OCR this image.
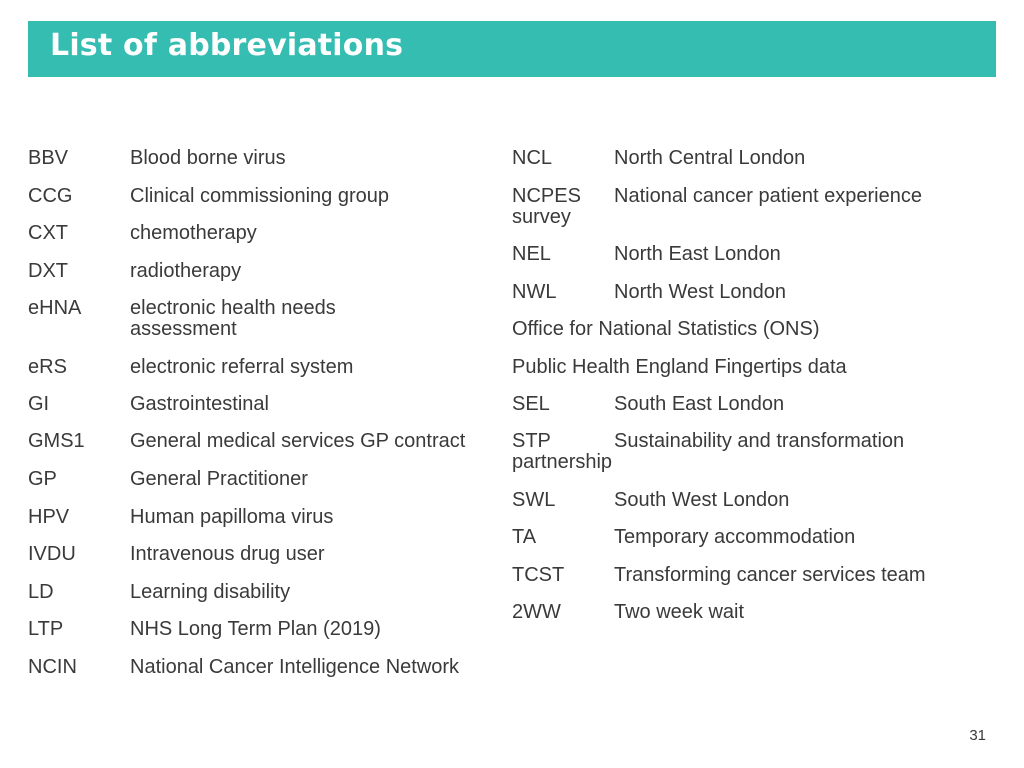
List of abbreviations
BBV	Blood borne virus
CCG	Clinical commissioning group
CXT	chemotherapy
DXT	radiotherapy
eHNA	electronic health needs assessment
eRS	electronic referral system
GI	Gastrointestinal
GMS1	General medical services GP contract
GP	General Practitioner
HPV	Human papilloma virus
IVDU	Intravenous drug user
LD	Learning disability
LTP	NHS Long Term Plan (2019)
NCIN	National Cancer Intelligence Network
NCL	North Central London
NCPES	National cancer patient experience survey
NEL	North East London
NWL	North West London
Office for National Statistics (ONS)
Public Health England Fingertips data
SEL	South East London
STP	Sustainability and transformation partnership
SWL	South West London
TA	Temporary accommodation
TCST	Transforming cancer services team
2WW	Two week wait
31
